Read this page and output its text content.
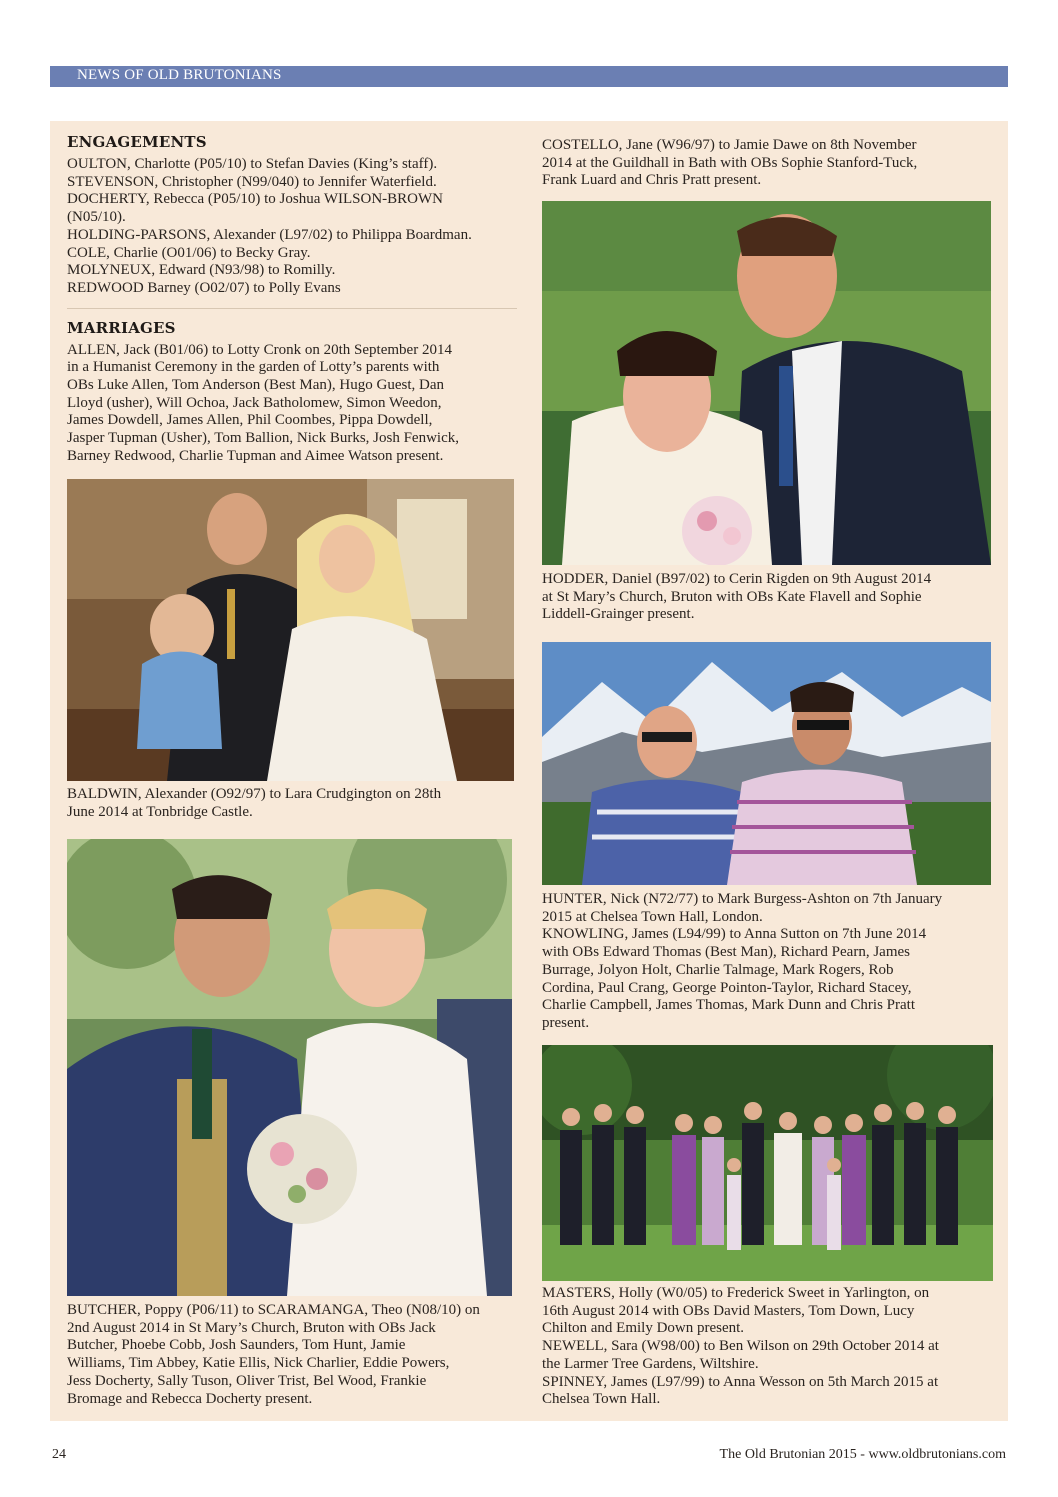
NEWS OF OLD BRUTONIANS
ENGAGEMENTS
OULTON, Charlotte (P05/10) to Stefan Davies (King’s staff).
STEVENSON, Christopher (N99/040) to Jennifer Waterfield.
DOCHERTY, Rebecca (P05/10) to Joshua WILSON-BROWN
(N05/10).
HOLDING-PARSONS, Alexander (L97/02) to Philippa Boardman.
COLE, Charlie (O01/06) to Becky Gray.
MOLYNEUX, Edward (N93/98) to Romilly.
REDWOOD Barney (O02/07) to Polly Evans
MARRIAGES
ALLEN, Jack (B01/06) to Lotty Cronk on 20th September 2014
in a Humanist Ceremony in the garden of Lotty’s parents with
OBs Luke Allen, Tom Anderson (Best Man), Hugo Guest, Dan
Lloyd (usher), Will Ochoa, Jack Batholomew, Simon Weedon,
James Dowdell, James Allen, Phil Coombes, Pippa Dowdell,
Jasper Tupman (Usher), Tom Ballion, Nick Burks, Josh Fenwick,
Barney Redwood, Charlie Tupman and Aimee Watson present.
BALDWIN, Alexander (O92/97) to Lara Crudgington on 28th
June 2014 at Tonbridge Castle.
BUTCHER, Poppy (P06/11) to SCARAMANGA, Theo (N08/10) on
2nd August 2014 in St Mary’s Church, Bruton with OBs Jack
Butcher, Phoebe Cobb, Josh Saunders, Tom Hunt, Jamie
Williams, Tim Abbey, Katie Ellis, Nick Charlier, Eddie Powers,
Jess Docherty, Sally Tuson, Oliver Trist, Bel Wood, Frankie
Bromage and Rebecca Docherty present.
COSTELLO, Jane (W96/97) to Jamie Dawe on 8th November
2014 at the Guildhall in Bath with OBs Sophie Stanford-Tuck,
Frank Luard and Chris Pratt present.
HODDER, Daniel (B97/02) to Cerin Rigden on 9th August 2014
at St Mary’s Church, Bruton with OBs Kate Flavell and Sophie
Liddell-Grainger present.
HUNTER, Nick (N72/77) to Mark Burgess-Ashton on 7th January
2015 at Chelsea Town Hall, London.
KNOWLING, James (L94/99) to Anna Sutton on 7th June 2014
with OBs Edward Thomas (Best Man), Richard Pearn, James
Burrage, Jolyon Holt, Charlie Talmage, Mark Rogers, Rob
Cordina, Paul Crang, George Pointon-Taylor, Richard Stacey,
Charlie Campbell, James Thomas, Mark Dunn and Chris Pratt
present.
MASTERS, Holly (W0/05) to Frederick Sweet in Yarlington, on
16th August 2014 with OBs David Masters, Tom Down, Lucy
Chilton and Emily Down present.
NEWELL, Sara (W98/00) to Ben Wilson on 29th October 2014 at
the Larmer Tree Gardens, Wiltshire.
SPINNEY, James (L97/99) to Anna Wesson on 5th March 2015 at
Chelsea Town Hall.
24	The Old Brutonian 2015 - www.oldbrutonians.com
